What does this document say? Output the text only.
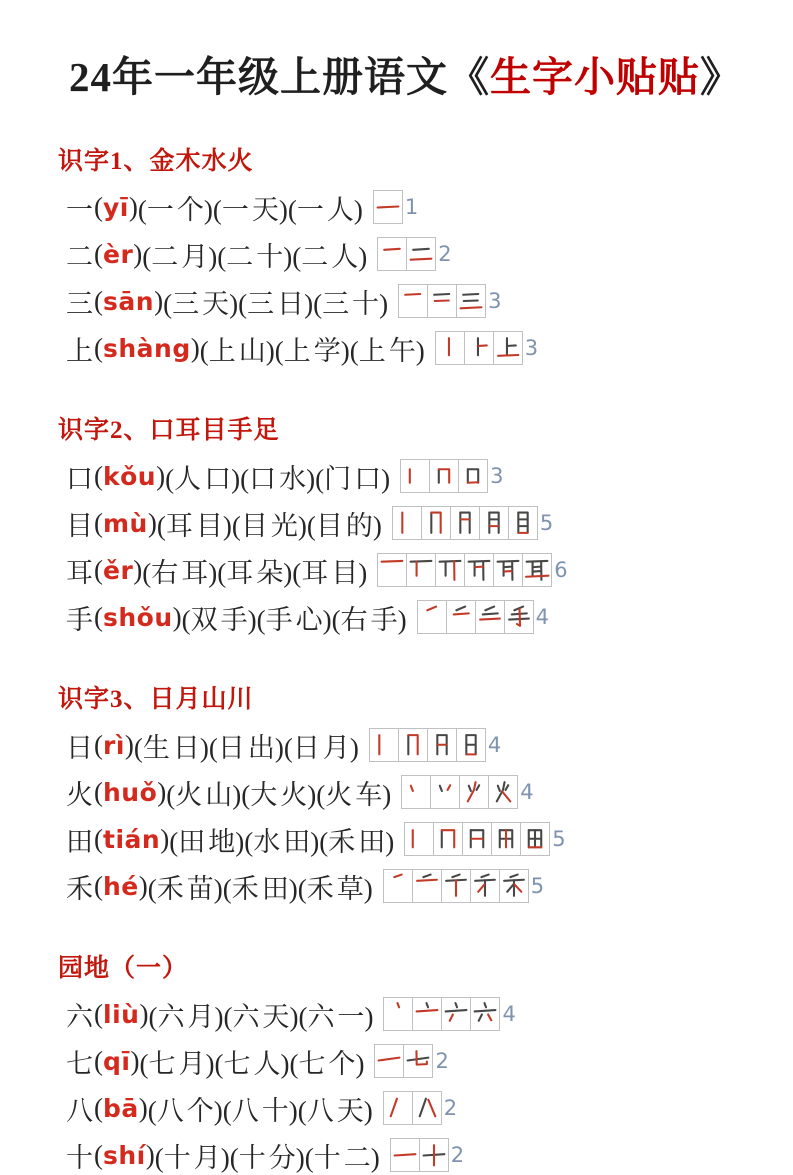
24年一年级上册语文《生字小贴贴》
识字1、金木水火
一 ( yī ) ( 一个 ) ( 一天 ) ( 一人 ) 1
二 ( èr ) ( 二月 ) ( 二十 ) ( 二人 )	2
三 ( sān ) ( 三天 ) ( 三日 ) ( 三十 )	3
上 ( shàng ) ( 上山 ) ( 上学 ) ( 上午 )	3
识字2、口耳目手足
口 ( kǒu ) ( 人口 ) ( 口水 ) ( 门口 )	3
目 ( mù ) ( 耳目 ) ( 目光 ) ( 目的 )	5
耳 ( ěr ) ( 右耳 ) ( 耳朵 ) ( 耳目 )	6
手 ( shǒu ) ( 双手 ) ( 手心 ) ( 右手 )	4
识字3、日月山川
日 ( rì ) ( 生日 ) ( 日出 ) ( 日月 )	4
火 ( huǒ ) ( 火山 ) ( 大火 ) ( 火车 )	4
田 ( tián ) ( 田地 ) ( 水田 ) ( 禾田 )	5
禾 ( hé ) ( 禾苗 ) ( 禾田 ) ( 禾草 )	5
园地（一）
六 ( liù ) ( 六月 ) ( 六天 ) ( 六一 )	4
七 ( qī ) ( 七月 ) ( 七人 ) ( 七个 )	2
八 ( bā ) ( 八个 ) ( 八十 ) ( 八天 )	2
十 ( shí ) ( 十月 ) ( 十分 ) ( 十二 )	2
